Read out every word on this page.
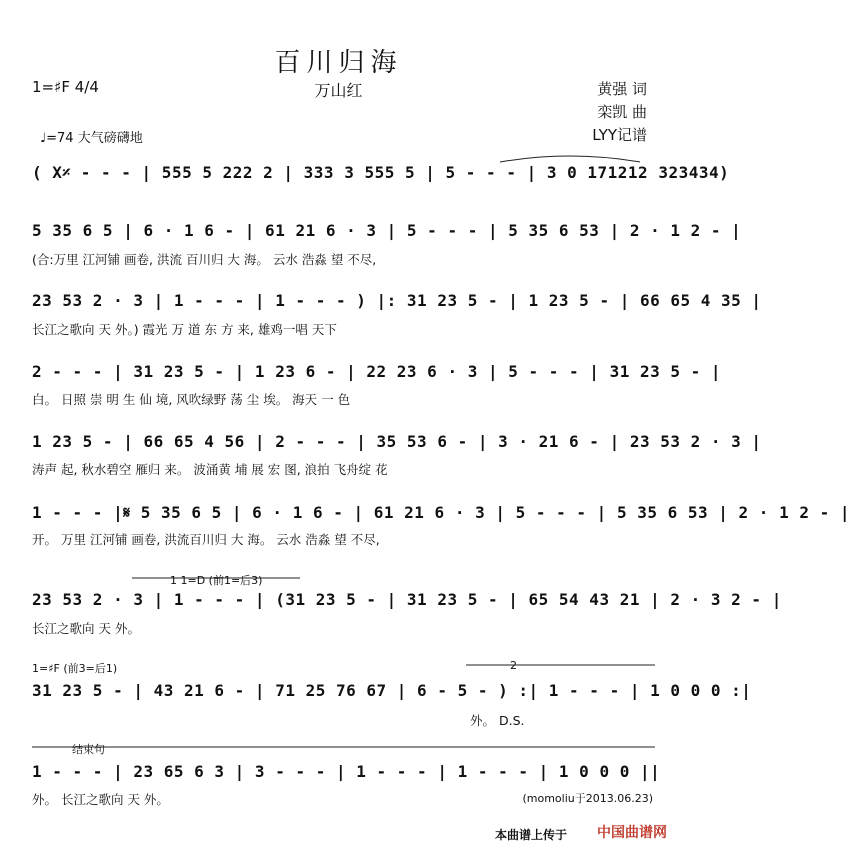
百川归海
万山红
1=♯F 4/4	黄强 词
栾凯 曲
LYY记谱
♩=74 大气磅礴地
1 1=D (前1=后3)
1=♯F (前3=后1)	2
结束句
( X𝄎 - - - | 555 5 222 2 | 333 3 555 5 | 5 - - - | 3 0 171212 323434)
5 35 6 5 | 6 · 1 6 - | 61 21 6 · 3 | 5 - - - | 5 35 6 53 | 2 · 1 2 - |
(合:万里 江河铺 画卷, 洪流 百川归 大 海。 云水 浩淼 望 不尽,
23 53 2 · 3 | 1 - - - | 1 - - - ) |: 31 23 5 - | 1 23 5 - | 66 65 4 35 |
长江之歌向 天 外。) 霞光 万 道 东 方 来, 雄鸡一唱 天下
2 - - - | 31 23 5 - | 1 23 6 - | 22 23 6 · 3 | 5 - - - | 31 23 5 - |
白。 日照 崇 明 生 仙 境, 风吹绿野 荡 尘 埃。 海天 一 色
1 23 5 - | 66 65 4 56 | 2 - - - | 35 53 6 - | 3 · 21 6 - | 23 53 2 · 3 |
涛声 起, 秋水碧空 雁归 来。 波涌黄 埔 展 宏 图, 浪拍 飞舟绽 花
1 - - - |𝄋 5 35 6 5 | 6 · 1 6 - | 61 21 6 · 3 | 5 - - - | 5 35 6 53 | 2 · 1 2 - |
开。 万里 江河铺 画卷, 洪流百川归 大 海。 云水 浩淼 望 不尽,
23 53 2 · 3 | 1 - - - | (31 23 5 - | 31 23 5 - | 65 54 43 21 | 2 · 3 2 - |
长江之歌向 天 外。
31 23 5 - | 43 21 6 - | 71 25 76 67 | 6 - 5 - ) :| 1 - - - | 1 0 0 0 :|
外。 D.S.
1 - - - | 23 65 6 3 | 3 - - - | 1 - - - | 1 - - - | 1 0 0 0 ||
外。 长江之歌向 天 外。	(momoliu于2013.06.23)
本曲谱上传于 中国曲谱网
